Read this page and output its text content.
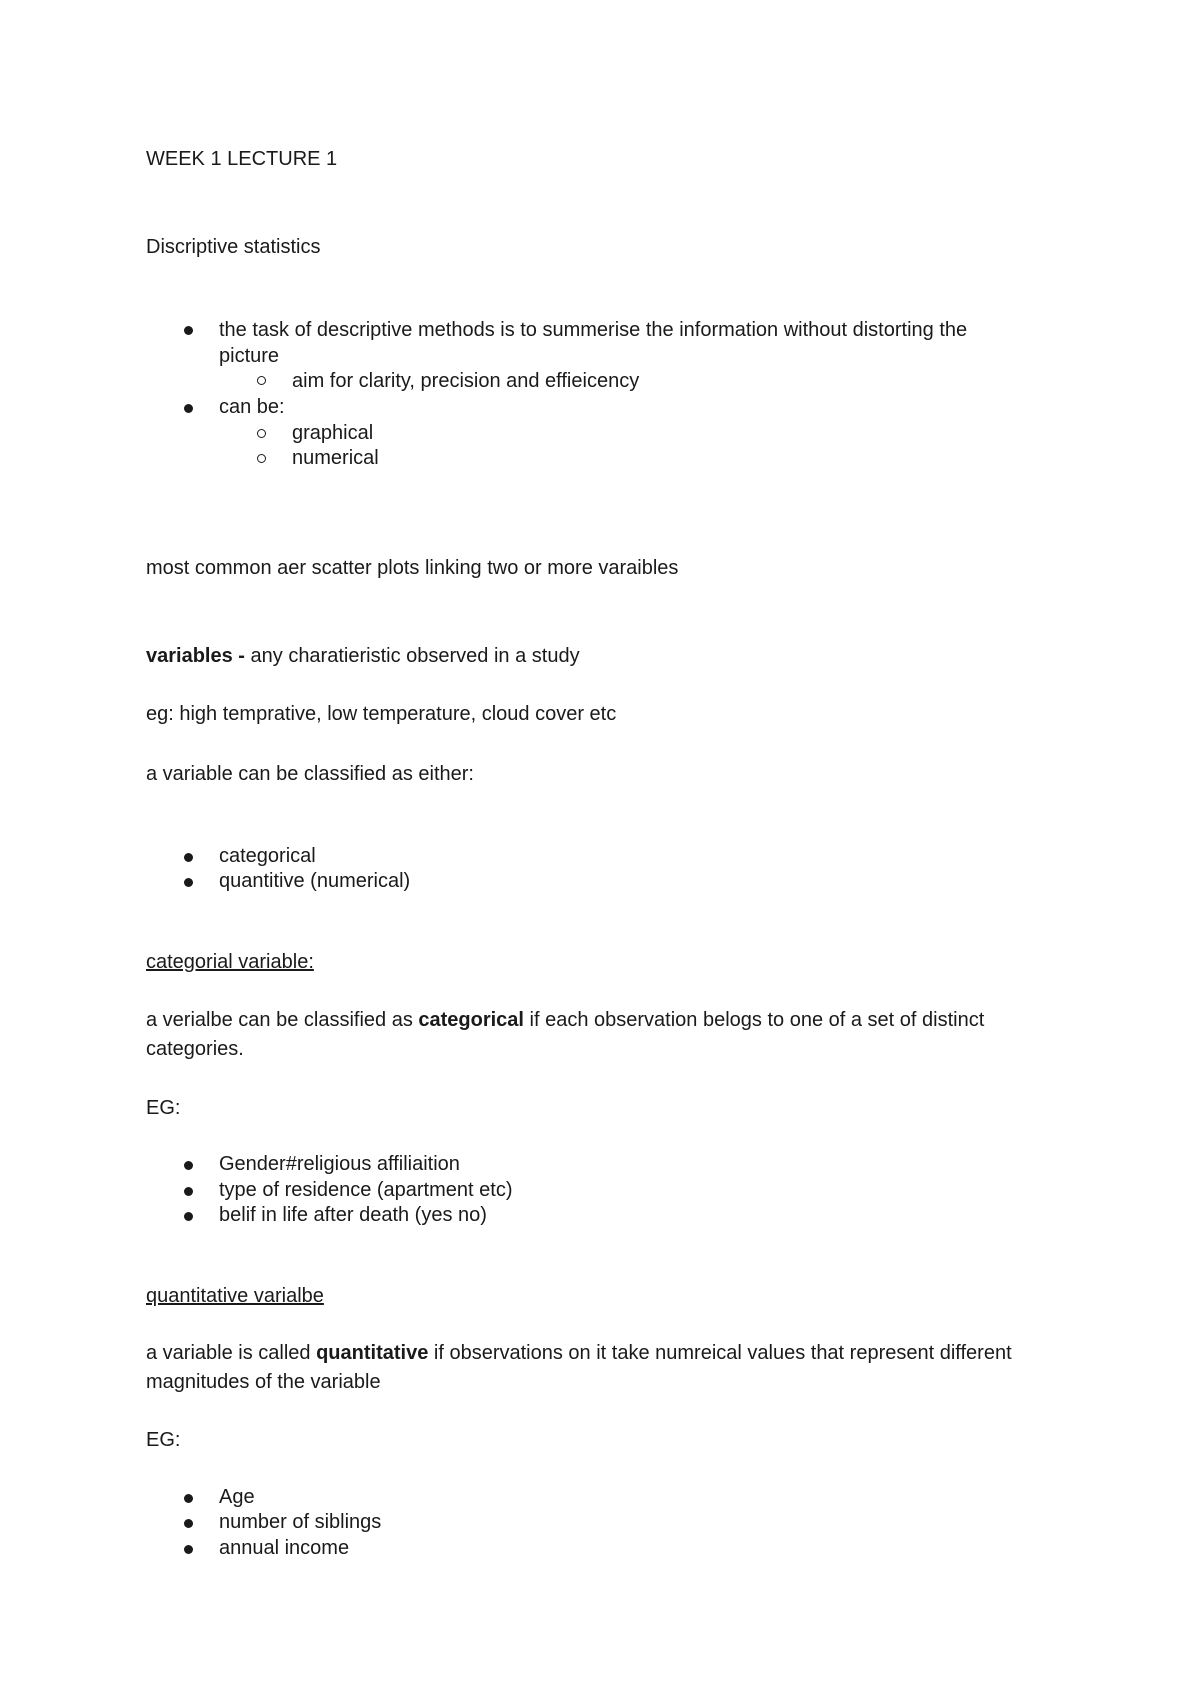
WEEK 1 LECTURE 1
Discriptive statistics
the task of descriptive methods is to summerise the information without distorting the
picture
aim for clarity, precision and effieicency
can be:
graphical
numerical
most common aer scatter plots linking two or more varaibles
variables - any charatieristic observed in a study
eg: high temprative, low temperature, cloud cover etc
a variable can be classified as either:
categorical
quantitive (numerical)
categorial variable:
a verialbe can be classified as categorical if each observation belogs to one of a set of distinct categories.
EG:
Gender#religious affiliaition
type of residence (apartment etc)
belif in life after death (yes no)
quantitative varialbe
a variable is called quantitative if observations on it take numreical values that represent different magnitudes of the variable
EG:
Age
number of siblings
annual income
